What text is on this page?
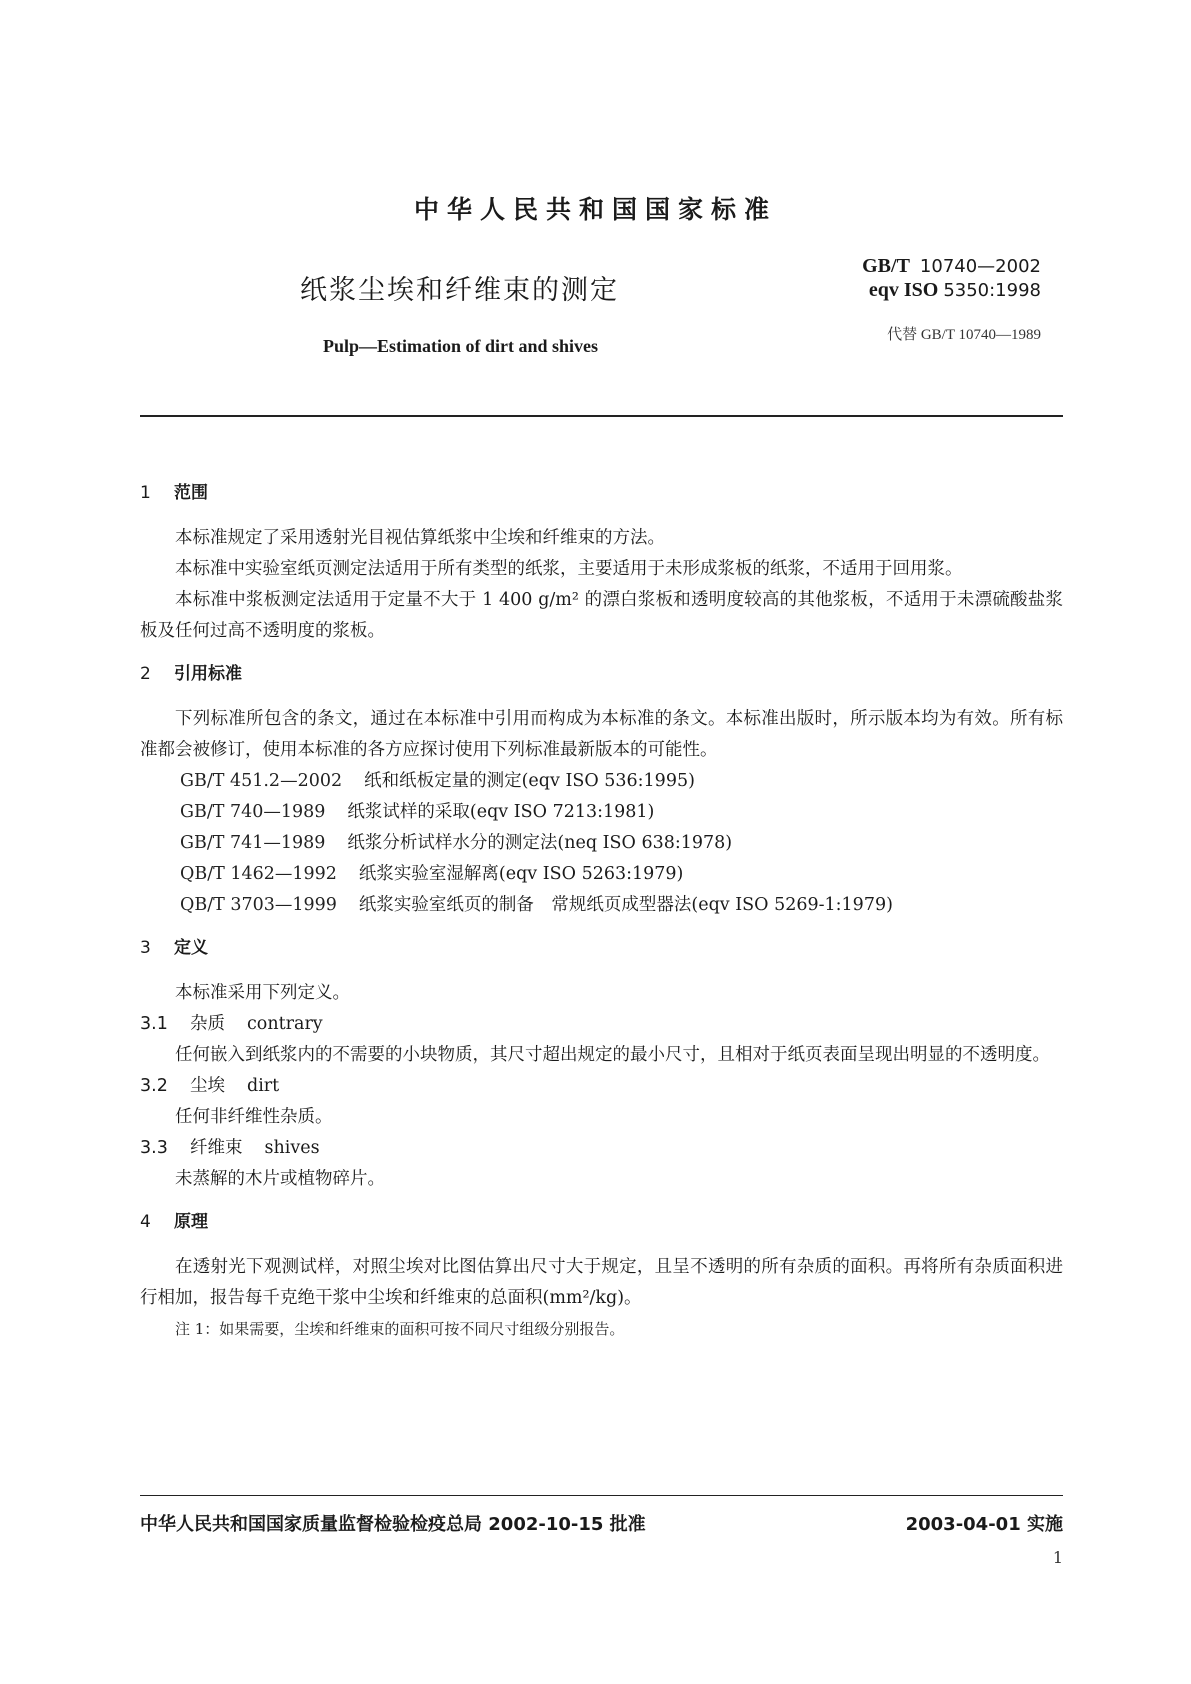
中华人民共和国国家标准
纸浆尘埃和纤维束的测定
Pulp—Estimation of dirt and shives
GB/T 10740—2002
eqv ISO 5350:1998
代替 GB/T 10740—1989
1 范围

本标准规定了采用透射光目视估算纸浆中尘埃和纤维束的方法。

本标准中实验室纸页测定法适用于所有类型的纸浆，主要适用于未形成浆板的纸浆，不适用于回用浆。

本标准中浆板测定法适用于定量不大于 1 400 g/m² 的漂白浆板和透明度较高的其他浆板，不适用于未漂硫酸盐浆板及任何过高不透明度的浆板。

2 引用标准

下列标准所包含的条文，通过在本标准中引用而构成为本标准的条文。本标准出版时，所示版本均为有效。所有标准都会被修订，使用本标准的各方应探讨使用下列标准最新版本的可能性。

GB/T 451.2—2002 纸和纸板定量的测定(eqv ISO 536:1995)

GB/T 740—1989 纸浆试样的采取(eqv ISO 7213:1981)

GB/T 741—1989 纸浆分析试样水分的测定法(neq ISO 638:1978)

QB/T 1462—1992 纸浆实验室湿解离(eqv ISO 5263:1979)

QB/T 3703—1999 纸浆实验室纸页的制备　常规纸页成型器法(eqv ISO 5269-1:1979)

3 定义

本标准采用下列定义。

3.1 杂质 contrary

任何嵌入到纸浆内的不需要的小块物质，其尺寸超出规定的最小尺寸，且相对于纸页表面呈现出明显的不透明度。

3.2 尘埃 dirt

任何非纤维性杂质。

3.3 纤维束 shives

未蒸解的木片或植物碎片。

4 原理

在透射光下观测试样，对照尘埃对比图估算出尺寸大于规定，且呈不透明的所有杂质的面积。再将所有杂质面积进行相加，报告每千克绝干浆中尘埃和纤维束的总面积(mm²/kg)。

注 1：如果需要，尘埃和纤维束的面积可按不同尺寸组级分别报告。

中华人民共和国国家质量监督检验检疫总局 2002-10-15 批准	2003-04-01 实施
1
